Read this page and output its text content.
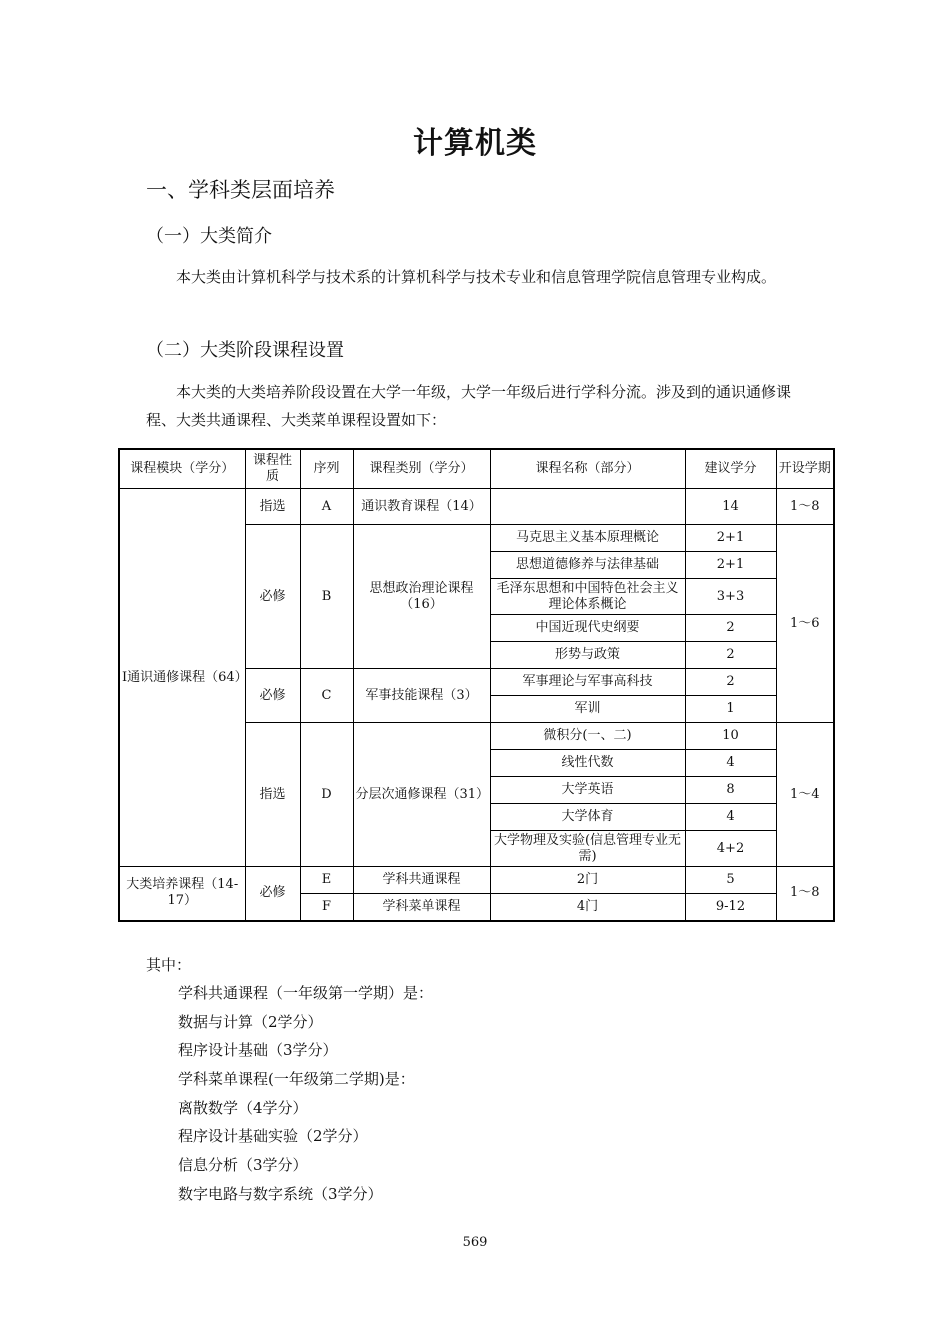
计算机类
一、学科类层面培养
（一）大类简介
本大类由计算机科学与技术系的计算机科学与技术专业和信息管理学院信息管理专业构成。
（二）大类阶段课程设置
本大类的大类培养阶段设置在大学一年级，大学一年级后进行学科分流。涉及到的通识通修课程、大类共通课程、大类菜单课程设置如下：
课程模块（学分）	课程性质	序列	课程类别（学分）	课程名称（部分）	建议学分	开设学期
Ⅰ通识通修课程（64）	指选	A	通识教育课程（14）		14	1～8
	必修	B	思想政治理论课程（16）	马克思主义基本原理概论	2+1	1～6
				思想道德修养与法律基础	2+1	
				毛泽东思想和中国特色社会主义理论体系概论	3+3	
				中国近现代史纲要	2	
				形势与政策	2	
	必修	C	军事技能课程（3）	军事理论与军事高科技	2	
				军训	1	
	指选	D	分层次通修课程（31）	微积分(一、二)	10	1～4
				线性代数	4	
				大学英语	8	
				大学体育	4	
				大学物理及实验(信息管理专业无需)	4+2	
大类培养课程（14-17）	必修	E	学科共通课程	2门	5	1～8
		F	学科菜单课程	4门	9-12	
其中：
学科共通课程（一年级第一学期）是：
数据与计算（2学分）
程序设计基础（3学分）
学科菜单课程(一年级第二学期)是：
离散数学（4学分）
程序设计基础实验（2学分）
信息分析（3学分）
数字电路与数字系统（3学分）
569
